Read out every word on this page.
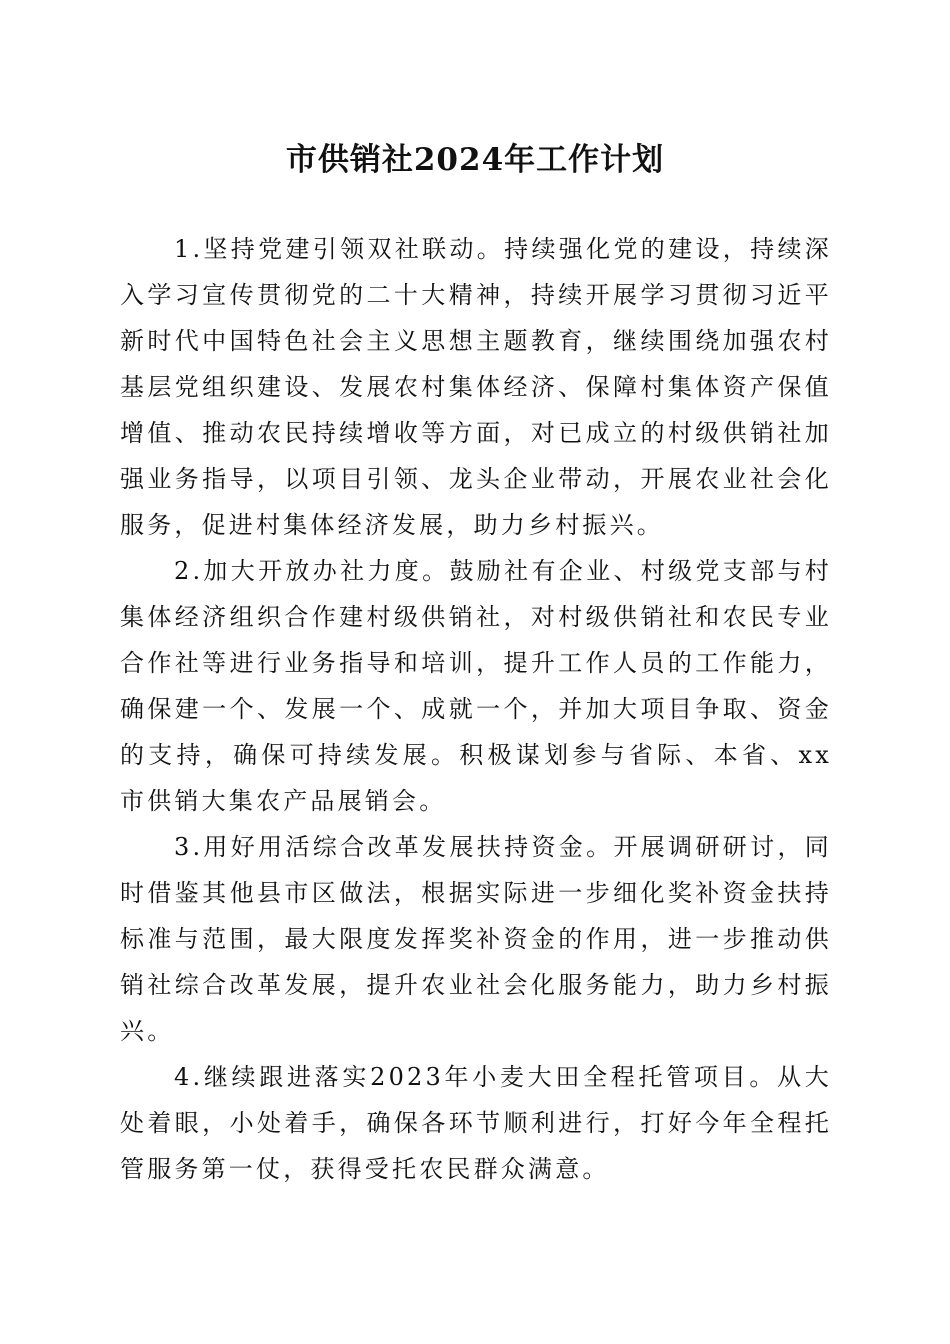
市供销社2024年工作计划

1.坚持党建引领双社联动。持续强化党的建设，持续深入学习宣传贯彻党的二十大精神，持续开展学习贯彻习近平新时代中国特色社会主义思想主题教育，继续围绕加强农村基层党组织建设、发展农村集体经济、保障村集体资产保值增值、推动农民持续增收等方面，对已成立的村级供销社加强业务指导，以项目引领、龙头企业带动，开展农业社会化服务，促进村集体经济发展，助力乡村振兴。

2.加大开放办社力度。鼓励社有企业、村级党支部与村集体经济组织合作建村级供销社，对村级供销社和农民专业合作社等进行业务指导和培训，提升工作人员的工作能力，确保建一个、发展一个、成就一个，并加大项目争取、资金的支持，确保可持续发展。积极谋划参与省际、本省、xx市供销大集农产品展销会。

3.用好用活综合改革发展扶持资金。开展调研研讨，同时借鉴其他县市区做法，根据实际进一步细化奖补资金扶持标准与范围，最大限度发挥奖补资金的作用，进一步推动供销社综合改革发展，提升农业社会化服务能力，助力乡村振兴。

4.继续跟进落实2023年小麦大田全程托管项目。从大处着眼，小处着手，确保各环节顺利进行，打好今年全程托管服务第一仗，获得受托农民群众满意。
